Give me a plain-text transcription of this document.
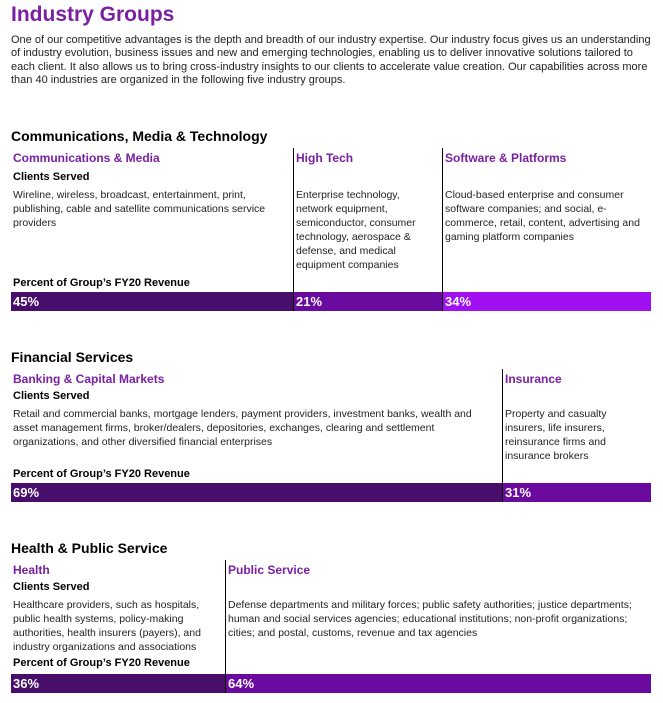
Industry Groups
One of our competitive advantages is the depth and breadth of our industry expertise. Our industry focus gives us an understanding of industry evolution, business issues and new and emerging technologies, enabling us to deliver innovative solutions tailored to each client. It also allows us to bring cross-industry insights to our clients to accelerate value creation. Our capabilities across more than 40 industries are organized in the following five industry groups.
Communications, Media & Technology
Communications & Media
Clients Served
Wireline, wireless, broadcast, entertainment, print, publishing, cable and satellite communications service providers
Percent of Group’s FY20 Revenue
45%
High Tech
Enterprise technology, network equipment, semiconductor, consumer technology, aerospace & defense, and medical equipment companies
21%
Software & Platforms
Cloud-based enterprise and consumer software companies; and social, e-commerce, retail, content, advertising and gaming platform companies
34%
Financial Services
Banking & Capital Markets
Clients Served
Retail and commercial banks, mortgage lenders, payment providers, investment banks, wealth and asset management firms, broker/dealers, depositories, exchanges, clearing and settlement organizations, and other diversified financial enterprises
Percent of Group’s FY20 Revenue
69%
Insurance
Property and casualty insurers, life insurers, reinsurance firms and insurance brokers
31%
Health & Public Service
Health
Clients Served
Healthcare providers, such as hospitals, public health systems, policy-making authorities, health insurers (payers), and industry organizations and associations
Percent of Group’s FY20 Revenue
36%
Public Service
Defense departments and military forces; public safety authorities; justice departments; human and social services agencies; educational institutions; non-profit organizations; cities; and postal, customs, revenue and tax agencies
64%
